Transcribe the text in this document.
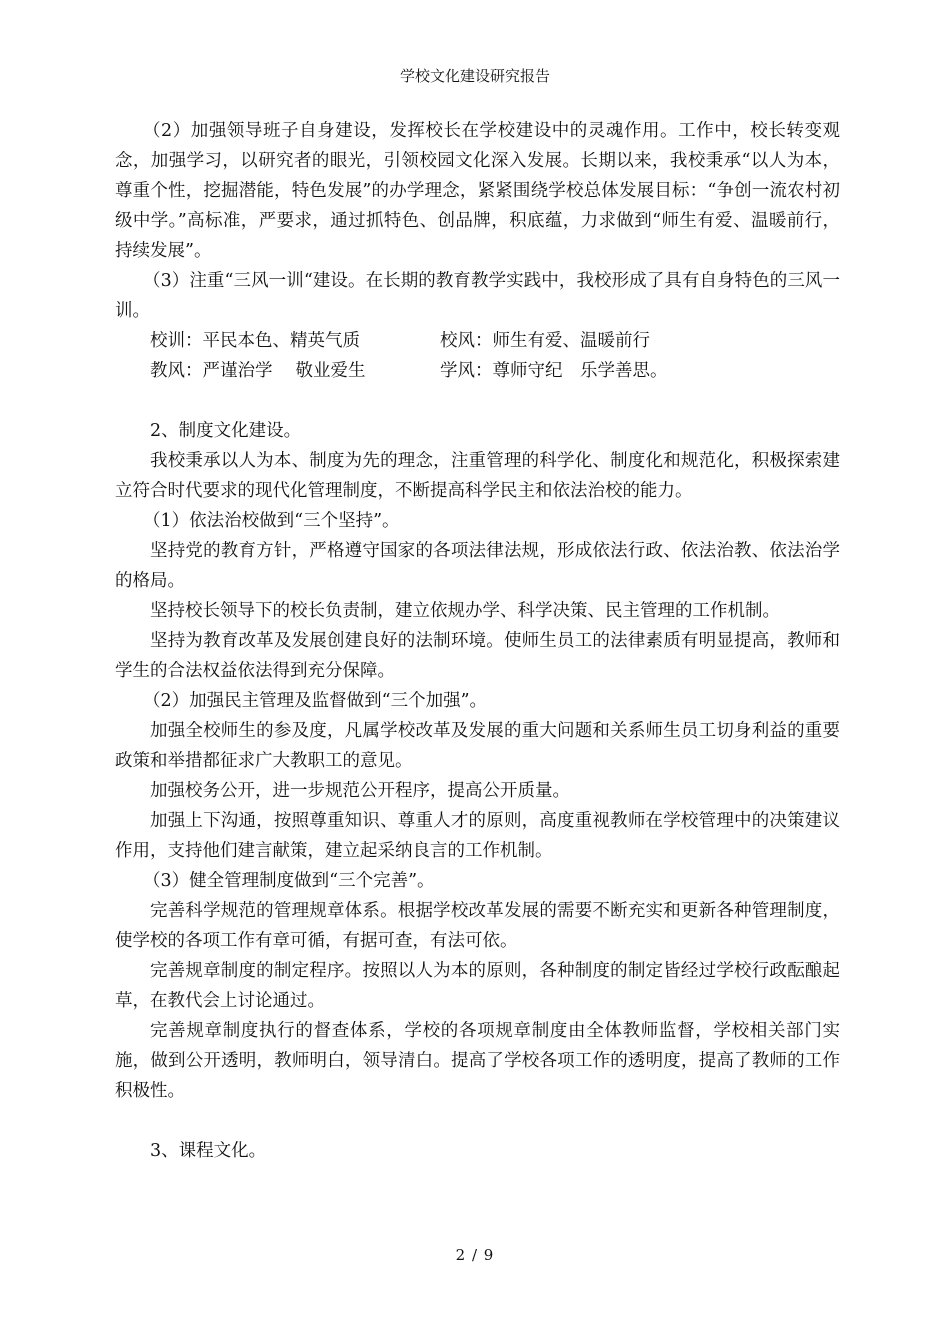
学校文化建设研究报告

（2）加强领导班子自身建设，发挥校长在学校建设中的灵魂作用。工作中，校长转变观念，加强学习，以研究者的眼光，引领校园文化深入发展。长期以来，我校秉承“以人为本，尊重个性，挖掘潜能，特色发展”的办学理念，紧紧围绕学校总体发展目标：“争创一流农村初级中学。”高标准，严要求，通过抓特色、创品牌，积底蕴，力求做到“师生有爱、温暖前行，持续发展”。

（3）注重“三风一训“建设。在长期的教育教学实践中，我校形成了具有自身特色的三风一训。

校训：平民本色、精英气质	校风：师生有爱、温暖前行
教风：严谨治学　 敬业爱生	学风：尊师守纪　乐学善思。

2、制度文化建设。

我校秉承以人为本、制度为先的理念，注重管理的科学化、制度化和规范化，积极探索建立符合时代要求的现代化管理制度，不断提高科学民主和依法治校的能力。

（1）依法治校做到“三个坚持”。

坚持党的教育方针，严格遵守国家的各项法律法规，形成依法行政、依法治教、依法治学的格局。

坚持校长领导下的校长负责制，建立依规办学、科学决策、民主管理的工作机制。

坚持为教育改革及发展创建良好的法制环境。使师生员工的法律素质有明显提高，教师和学生的合法权益依法得到充分保障。

（2）加强民主管理及监督做到“三个加强”。

加强全校师生的参及度，凡属学校改革及发展的重大问题和关系师生员工切身利益的重要政策和举措都征求广大教职工的意见。

加强校务公开，进一步规范公开程序，提高公开质量。

加强上下沟通，按照尊重知识、尊重人才的原则，高度重视教师在学校管理中的决策建议作用，支持他们建言献策，建立起采纳良言的工作机制。

（3）健全管理制度做到“三个完善”。

完善科学规范的管理规章体系。根据学校改革发展的需要不断充实和更新各种管理制度，使学校的各项工作有章可循，有据可查，有法可依。

完善规章制度的制定程序。按照以人为本的原则，各种制度的制定皆经过学校行政酝酿起草，在教代会上讨论通过。

完善规章制度执行的督查体系，学校的各项规章制度由全体教师监督，学校相关部门实施，做到公开透明，教师明白，领导清白。提高了学校各项工作的透明度，提高了教师的工作积极性。

3、课程文化。

2 / 9
